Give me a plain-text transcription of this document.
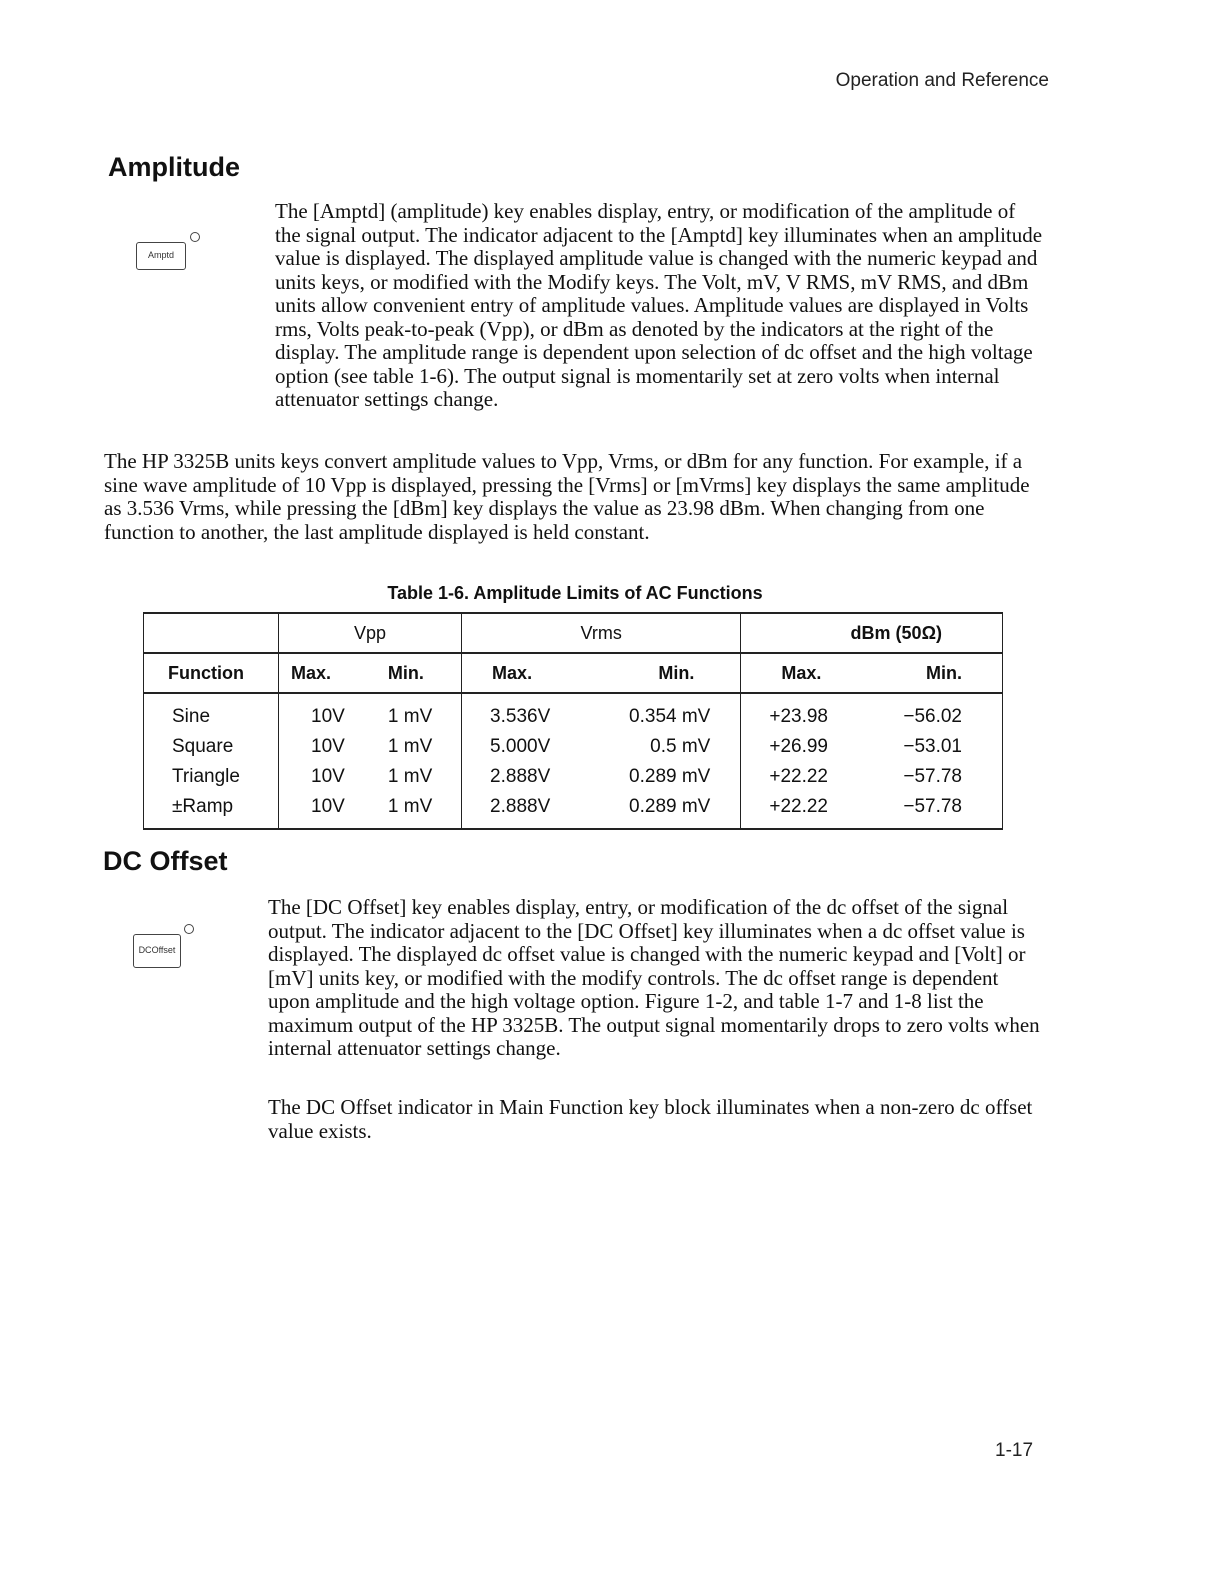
Operation and Reference
Amplitude
Amptd

The [Amptd] (amplitude) key enables display, entry, or modification of the amplitude of the signal output. The indicator adjacent to the [Amptd] key illuminates when an amplitude value is displayed. The displayed amplitude value is changed with the numeric keypad and units keys, or modified with the Modify keys. The Volt, mV, V RMS, mV RMS, and dBm units allow convenient entry of amplitude values. Amplitude values are displayed in Volts rms, Volts peak-to-peak (Vpp), or dBm as denoted by the indicators at the right of the display. The amplitude range is dependent upon selection of dc offset and the high voltage option (see table 1-6). The output signal is momentarily set at zero volts when internal attenuator settings change.

The HP 3325B units keys convert amplitude values to Vpp, Vrms, or dBm for any function. For example, if a sine wave amplitude of 10 Vpp is displayed, pressing the [Vrms] or [mVrms] key displays the same amplitude as 3.536 Vrms, while pressing the [dBm] key displays the value as 23.98 dBm. When changing from one function to another, the last amplitude displayed is held constant.

Table 1-6. Amplitude Limits of AC Functions
	Vpp		Vrms		dBm (50Ω)	
Function	Max.	Min.	Max.	Min.	Max.	Min.
Sine	10V	1 mV	3.536V	0.354 mV	+23.98	−56.02
Square	10V	1 mV	5.000V	0.5 mV	+26.99	−53.01
Triangle	10V	1 mV	2.888V	0.289 mV	+22.22	−57.78
±Ramp	10V	1 mV	2.888V	0.289 mV	+22.22	−57.78
DC Offset
DC Offset

The [DC Offset] key enables display, entry, or modification of the dc offset of the signal output. The indicator adjacent to the [DC Offset] key illuminates when a dc offset value is displayed. The displayed dc offset value is changed with the numeric keypad and [Volt] or [mV] units key, or modified with the modify controls. The dc offset range is dependent upon amplitude and the high voltage option. Figure 1-2, and table 1-7 and 1-8 list the maximum output of the HP 3325B. The output signal momentarily drops to zero volts when internal attenuator settings change.

The DC Offset indicator in Main Function key block illuminates when a non-zero dc offset value exists.

1-17
